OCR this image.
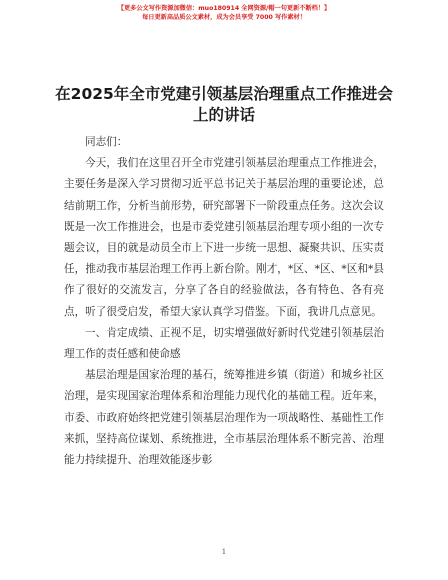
【更多公文写作资源加微信：muo180914 全网资源/帽一句更新不断档！】
每日更新高品质公文素材，成为会员享受 7000 写作素材！
在2025年全市党建引领基层治理重点工作推进会上的讲话

同志们：

今天，我们在这里召开全市党建引领基层治理重点工作推进会，主要任务是深入学习贯彻习近平总书记关于基层治理的重要论述，总结前期工作，分析当前形势，研究部署下一阶段重点任务。这次会议既是一次工作推进会，也是市委党建引领基层治理专项小组的一次专题会议，目的就是动员全市上下进一步统一思想、凝聚共识、压实责任，推动我市基层治理工作再上新台阶。刚才，*区、*区、*区和*县作了很好的交流发言，分享了各自的经验做法，各有特色、各有亮点，听了很受启发，希望大家认真学习借鉴。下面，我讲几点意见。

一、肯定成绩、正视不足，切实增强做好新时代党建引领基层治理工作的责任感和使命感

基层治理是国家治理的基石，统筹推进乡镇（街道）和城乡社区治理，是实现国家治理体系和治理能力现代化的基础工程。近年来，市委、市政府始终把党建引领基层治理作为一项战略性、基础性工作来抓，坚持高位谋划、系统推进，全市基层治理体系不断完善、治理能力持续提升、治理效能逐步彰

1
